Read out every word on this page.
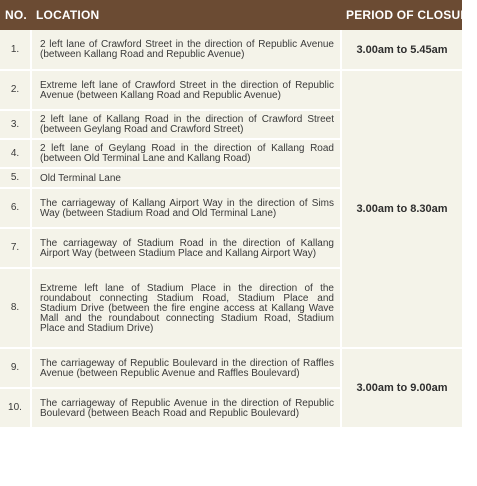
NO.	LOCATION	PERIOD OF CLOSURE
1.	2 left lane of Crawford Street in the direction of Republic Avenue (between Kallang Road and Republic Avenue)	3.00am to 5.45am
2.	Extreme left lane of Crawford Street in the direction of Republic Avenue (between Kallang Road and Republic Avenue)	3.00am to 8.30am
3.	2 left lane of Kallang Road in the direction of Crawford Street (between Geylang Road and Crawford Street)	
4.	2 left lane of Geylang Road in the direction of Kallang Road (between Old Terminal Lane and Kallang Road)	
5.	Old Terminal Lane	
6.	The carriageway of Kallang Airport Way in the direction of Sims Way (between Stadium Road and Old Terminal Lane)	
7.	The carriageway of Stadium Road in the direction of Kallang Airport Way (between Stadium Place and Kallang Airport Way)	
8.	Extreme left lane of Stadium Place in the direction of the roundabout connecting Stadium Road, Stadium Place and Stadium Drive (between the fire engine access at Kallang Wave Mall and the roundabout connecting Stadium Road, Stadium Place and Stadium Drive)	
9.	The carriageway of Republic Boulevard in the direction of Raffles Avenue (between Republic Avenue and Raffles Boulevard)	3.00am to 9.00am
10.	The carriageway of Republic Avenue in the direction of Republic Boulevard (between Beach Road and Republic Boulevard)	
